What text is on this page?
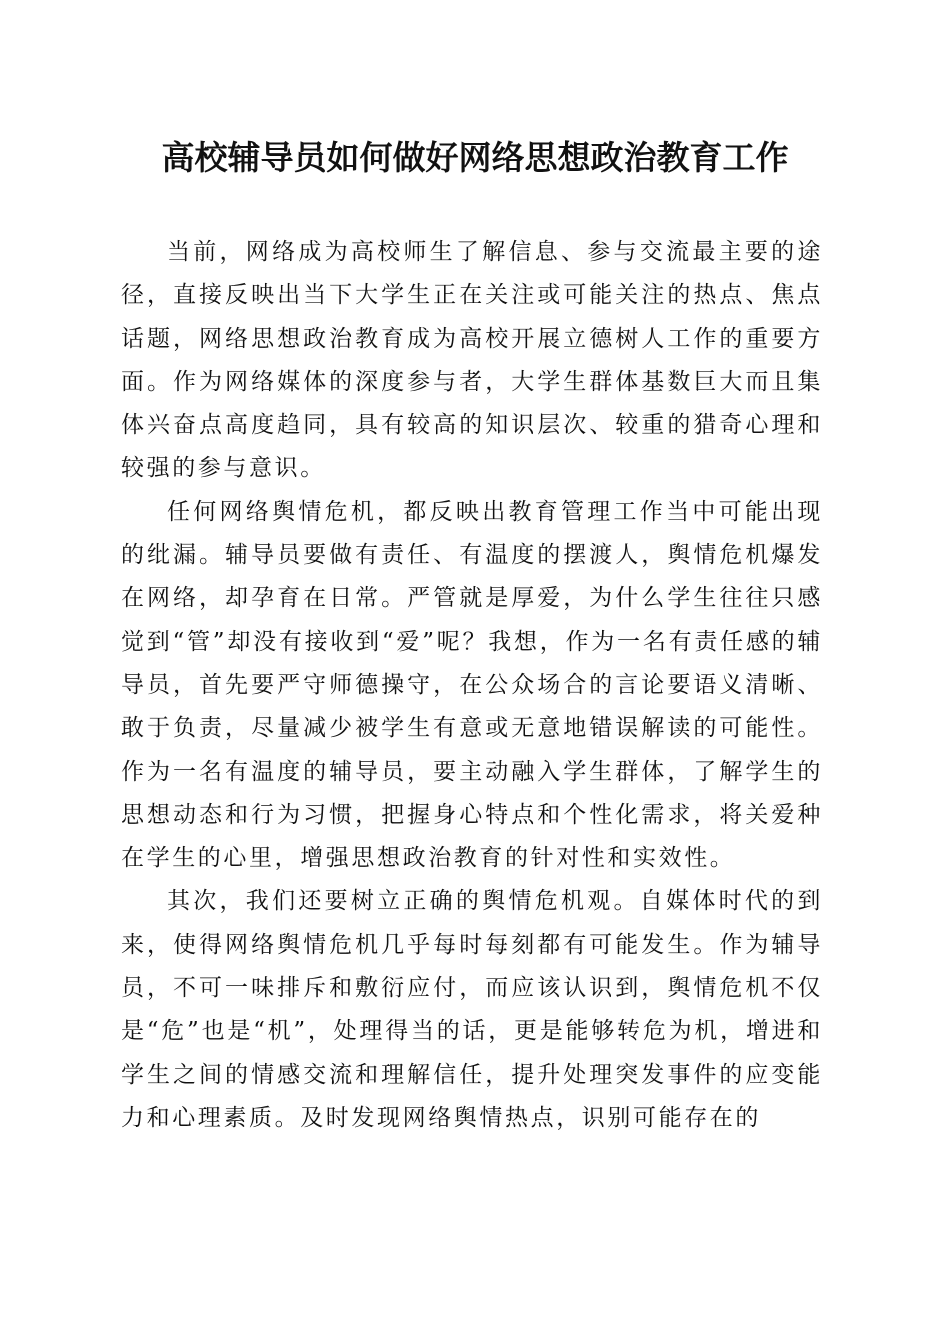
高校辅导员如何做好网络思想政治教育工作

当前，网络成为高校师生了解信息、参与交流最主要的途径，直接反映出当下大学生正在关注或可能关注的热点、焦点话题，网络思想政治教育成为高校开展立德树人工作的重要方面。作为网络媒体的深度参与者，大学生群体基数巨大而且集体兴奋点高度趋同，具有较高的知识层次、较重的猎奇心理和较强的参与意识。

任何网络舆情危机，都反映出教育管理工作当中可能出现的纰漏。辅导员要做有责任、有温度的摆渡人，舆情危机爆发在网络，却孕育在日常。严管就是厚爱，为什么学生往往只感觉到“管”却没有接收到“爱”呢？我想，作为一名有责任感的辅导员，首先要严守师德操守，在公众场合的言论要语义清晰、敢于负责，尽量减少被学生有意或无意地错误解读的可能性。作为一名有温度的辅导员，要主动融入学生群体，了解学生的思想动态和行为习惯，把握身心特点和个性化需求，将关爱种在学生的心里，增强思想政治教育的针对性和实效性。

其次，我们还要树立正确的舆情危机观。自媒体时代的到来，使得网络舆情危机几乎每时每刻都有可能发生。作为辅导员，不可一味排斥和敷衍应付，而应该认识到，舆情危机不仅是“危”也是“机”，处理得当的话，更是能够转危为机，增进和学生之间的情感交流和理解信任，提升处理突发事件的应变能力和心理素质。及时发现网络舆情热点，识别可能存在的
